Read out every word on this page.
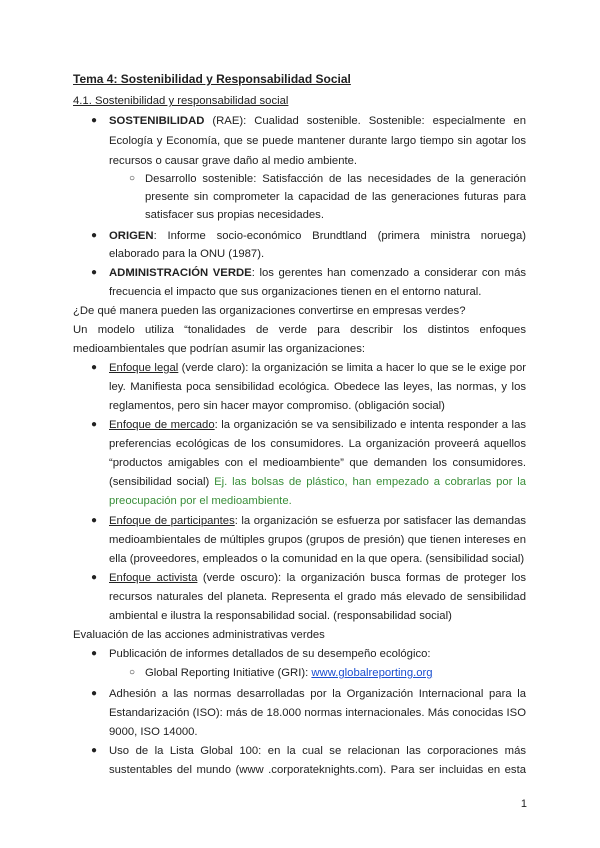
Tema 4: Sostenibilidad y Responsabilidad Social
4.1. Sostenibilidad y responsabilidad social
● SOSTENIBILIDAD (RAE): Cualidad sostenible. Sostenible: especialmente en
Ecología y Economía, que se puede mantener durante largo tiempo sin agotar los
recursos o causar grave daño al medio ambiente.
○ Desarrollo sostenible: Satisfacción de las necesidades de la generación
presente sin comprometer la capacidad de las generaciones futuras para
satisfacer sus propias necesidades.
● ORIGEN: Informe socio-económico Brundtland (primera ministra noruega)
elaborado para la ONU (1987).
● ADMINISTRACIÓN VERDE: los gerentes han comenzado a considerar con más
frecuencia el impacto que sus organizaciones tienen en el entorno natural.
¿De qué manera pueden las organizaciones convertirse en empresas verdes?
Un modelo utiliza “tonalidades de verde para describir los distintos enfoques
medioambientales que podrían asumir las organizaciones:
● Enfoque legal (verde claro): la organización se limita a hacer lo que se le exige por
ley. Manifiesta poca sensibilidad ecológica. Obedece las leyes, las normas, y los
reglamentos, pero sin hacer mayor compromiso. (obligación social)
● Enfoque de mercado: la organización se va sensibilizado e intenta responder a las
preferencias ecológicas de los consumidores. La organización proveerá aquellos
“productos amigables con el medioambiente” que demanden los consumidores.
(sensibilidad social) Ej. las bolsas de plástico, han empezado a cobrarlas por la
preocupación por el medioambiente.
● Enfoque de participantes: la organización se esfuerza por satisfacer las demandas
medioambientales de múltiples grupos (grupos de presión) que tienen intereses en
ella (proveedores, empleados o la comunidad en la que opera. (sensibilidad social)
● Enfoque activista (verde oscuro): la organización busca formas de proteger los
recursos naturales del planeta. Representa el grado más elevado de sensibilidad
ambiental e ilustra la responsabilidad social. (responsabilidad social)
Evaluación de las acciones administrativas verdes
● Publicación de informes detallados de su desempeño ecológico:
○ Global Reporting Initiative (GRI): www.globalreporting.org
● Adhesión a las normas desarrolladas por la Organización Internacional para la
Estandarización (ISO): más de 18.000 normas internacionales. Más conocidas ISO
9000, ISO 14000.
● Uso de la Lista Global 100: en la cual se relacionan las corporaciones más
sustentables del mundo (www .corporateknights.com). Para ser incluidas en esta
1
